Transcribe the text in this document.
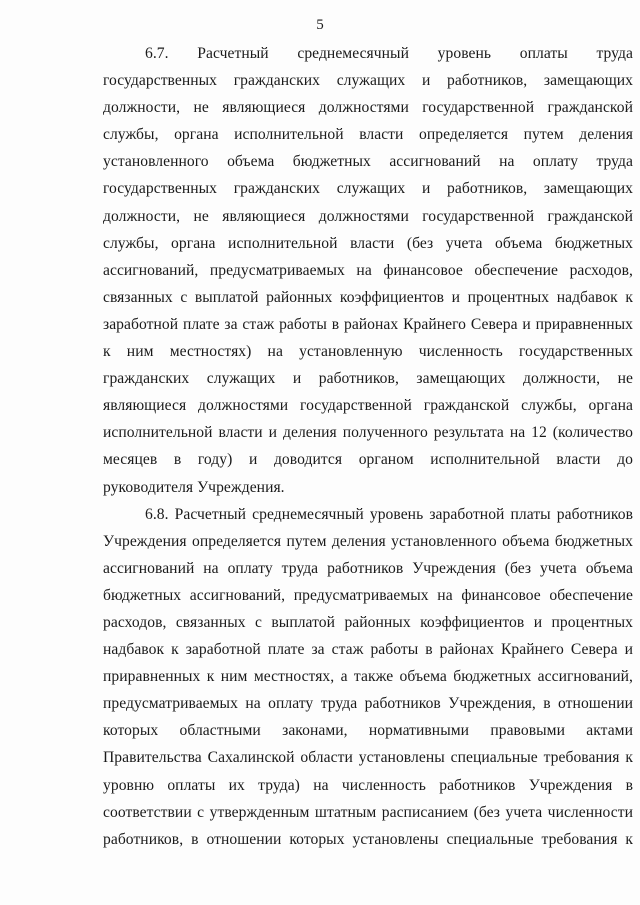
5
6.7. Расчетный среднемесячный уровень оплаты труда
государственных гражданских служащих и работников, замещающих
должности, не являющиеся должностями государственной гражданской
службы, органа исполнительной власти определяется путем деления
установленного объема бюджетных ассигнований на оплату труда
государственных гражданских служащих и работников, замещающих
должности, не являющиеся должностями государственной гражданской
службы, органа исполнительной власти (без учета объема бюджетных
ассигнований, предусматриваемых на финансовое обеспечение расходов,
связанных с выплатой районных коэффициентов и процентных надбавок к
заработной плате за стаж работы в районах Крайнего Севера и приравненных
к ним местностях) на установленную численность государственных
гражданских служащих и работников, замещающих должности, не
являющиеся должностями государственной гражданской службы, органа
исполнительной власти и деления полученного результата на 12 (количество
месяцев в году) и доводится органом исполнительной власти до
руководителя Учреждения.
6.8. Расчетный среднемесячный уровень заработной платы работников
Учреждения определяется путем деления установленного объема бюджетных
ассигнований на оплату труда работников Учреждения (без учета объема
бюджетных ассигнований, предусматриваемых на финансовое обеспечение
расходов, связанных с выплатой районных коэффициентов и процентных
надбавок к заработной плате за стаж работы в районах Крайнего Севера и
приравненных к ним местностях, а также объема бюджетных ассигнований,
предусматриваемых на оплату труда работников Учреждения, в отношении
которых областными законами, нормативными правовыми актами
Правительства Сахалинской области установлены специальные требования к
уровню оплаты их труда) на численность работников Учреждения в
соответствии с утвержденным штатным расписанием (без учета численности
работников, в отношении которых установлены специальные требования к
